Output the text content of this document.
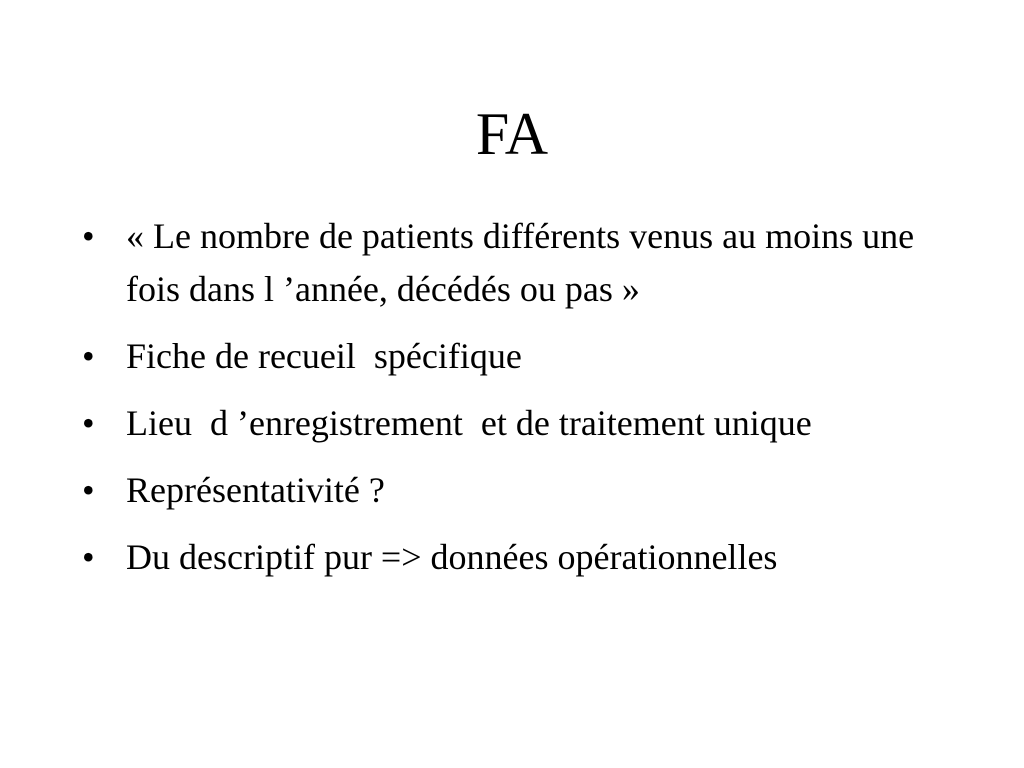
FA
• « Le nombre de patients différents venus au moins une fois dans l ’année, décédés ou pas »
• Fiche de recueil  spécifique
• Lieu  d ’enregistrement  et de traitement unique
• Représentativité ?
• Du descriptif pur => données opérationnelles
